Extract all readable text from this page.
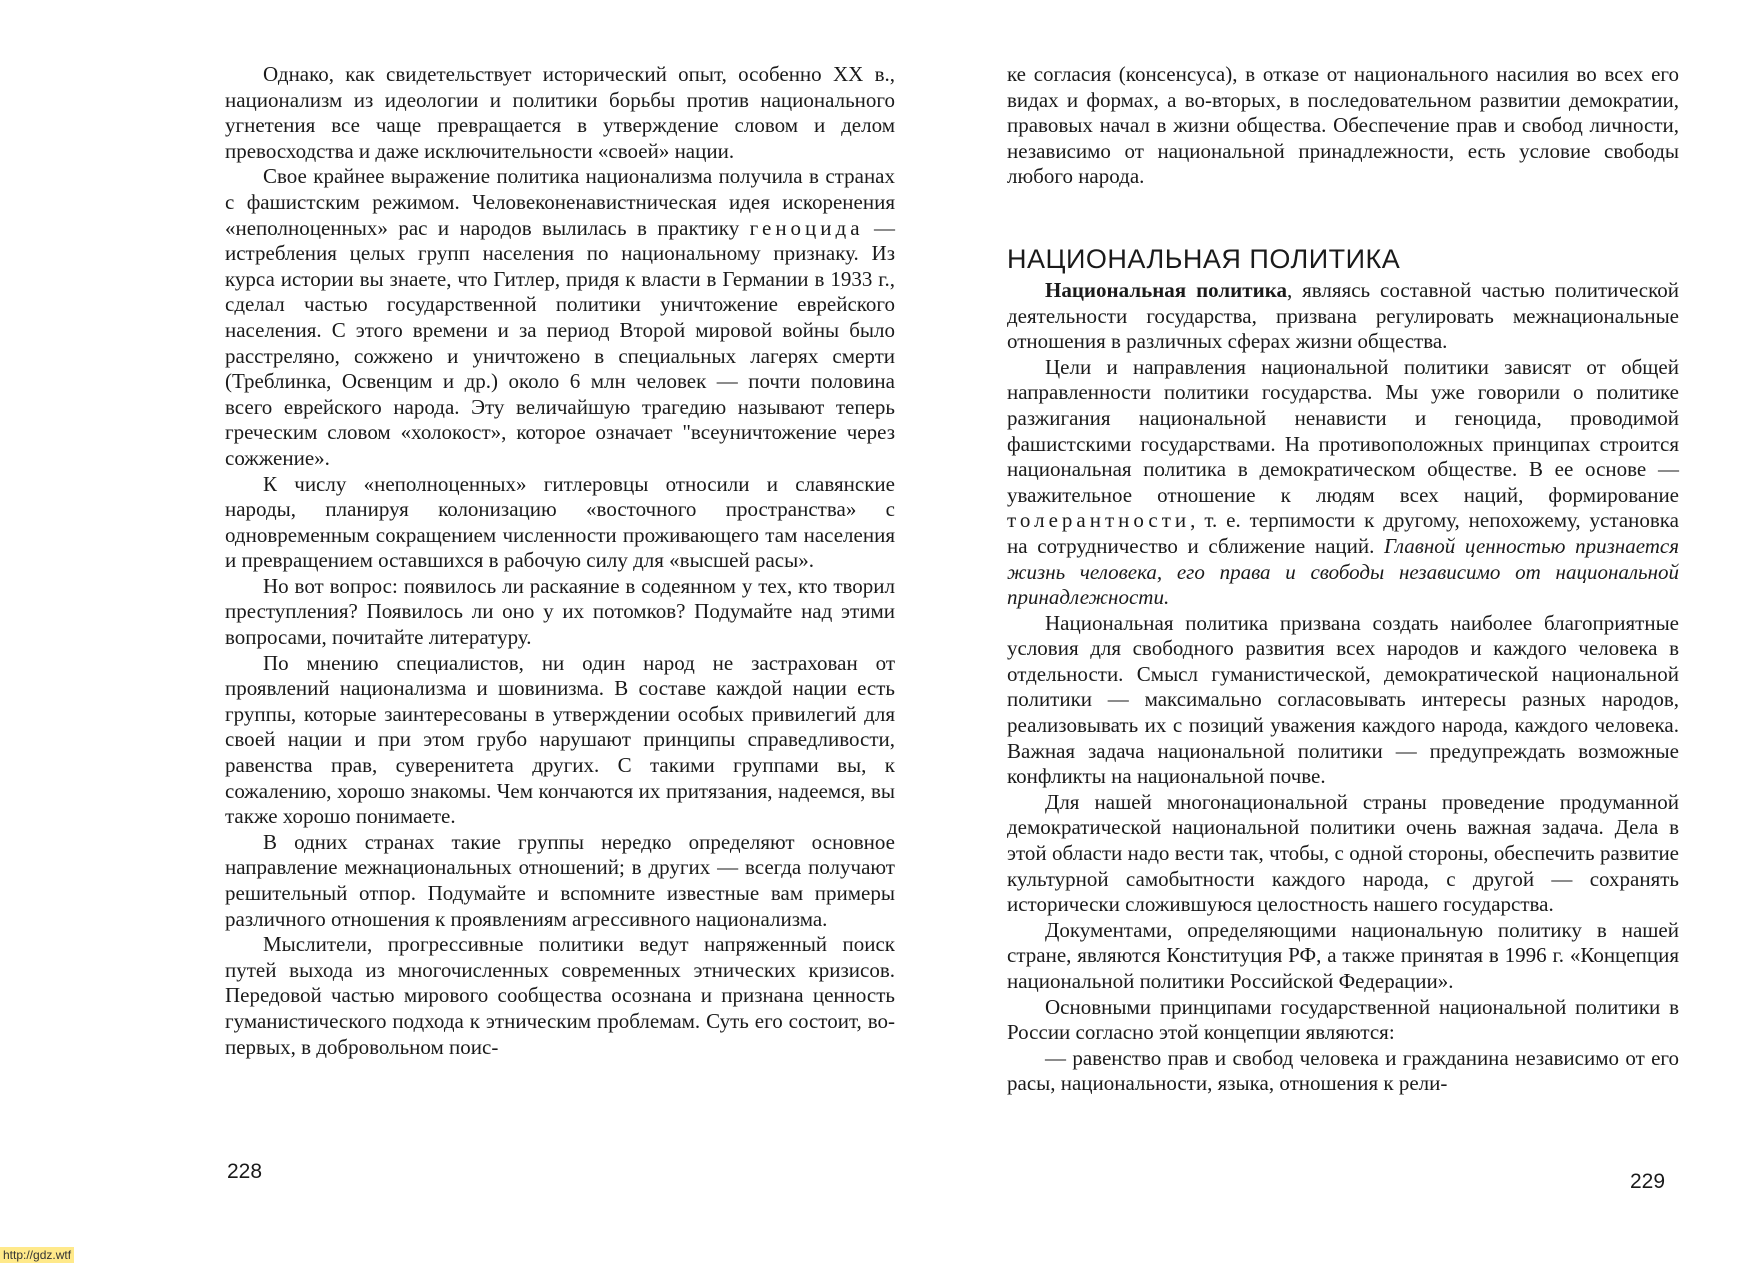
Однако, как свидетельствует исторический опыт, особенно XX в., национализм из идеологии и политики борьбы против национального угнетения все чаще превращается в утверждение словом и делом превосходства и даже исключительности «своей» нации.

Свое крайнее выражение политика национализма получила в странах с фашистским режимом. Человеконенавистническая идея искоренения «неполноценных» рас и народов вылилась в практику геноцида — истребления целых групп населения по национальному признаку. Из курса истории вы знаете, что Гитлер, придя к власти в Германии в 1933 г., сделал частью государственной политики уничтожение еврейского населения. С этого времени и за период Второй мировой войны было расстреляно, сожжено и уничтожено в специальных лагерях смерти (Треблинка, Освенцим и др.) около 6 млн человек — почти половина всего еврейского народа. Эту величайшую трагедию называют теперь греческим словом «холокост», которое означает "всеуничтожение через сожжение».

К числу «неполноценных» гитлеровцы относили и славянские народы, планируя колонизацию «восточного пространства» с одновременным сокращением численности проживающего там населения и превращением оставшихся в рабочую силу для «высшей расы».

Но вот вопрос: появилось ли раскаяние в содеянном у тех, кто творил преступления? Появилось ли оно у их потомков? Подумайте над этими вопросами, почитайте литературу.

По мнению специалистов, ни один народ не застрахован от проявлений национализма и шовинизма. В составе каждой нации есть группы, которые заинтересованы в утверждении особых привилегий для своей нации и при этом грубо нарушают принципы справедливости, равенства прав, суверенитета других. С такими группами вы, к сожалению, хорошо знакомы. Чем кончаются их притязания, надеемся, вы также хорошо понимаете.

В одних странах такие группы нередко определяют основное направление межнациональных отношений; в других — всегда получают решительный отпор. Подумайте и вспомните известные вам примеры различного отношения к проявлениям агрессивного национализма.

Мыслители, прогрессивные политики ведут напряженный поиск путей выхода из многочисленных современных этнических кризисов. Передовой частью мирового сообщества осознана и признана ценность гуманистического подхода к этническим проблемам. Суть его состоит, во-первых, в добровольном поис-

228

ке согласия (консенсуса), в отказе от национального насилия во всех его видах и формах, а во-вторых, в последовательном развитии демократии, правовых начал в жизни общества. Обеспечение прав и свобод личности, независимо от национальной принадлежности, есть условие свободы любого народа.

НАЦИОНАЛЬНАЯ ПОЛИТИКА

Национальная политика, являясь составной частью политической деятельности государства, призвана регулировать межнациональные отношения в различных сферах жизни общества.

Цели и направления национальной политики зависят от общей направленности политики государства. Мы уже говорили о политике разжигания национальной ненависти и геноцида, проводимой фашистскими государствами. На противоположных принципах строится национальная политика в демократическом обществе. В ее основе — уважительное отношение к людям всех наций, формирование толерантности, т. е. терпимости к другому, непохожему, установка на сотрудничество и сближение наций. Главной ценностью признается жизнь человека, его права и свободы независимо от национальной принадлежности.

Национальная политика призвана создать наиболее благоприятные условия для свободного развития всех народов и каждого человека в отдельности. Смысл гуманистической, демократической национальной политики — максимально согласовывать интересы разных народов, реализовывать их с позиций уважения каждого народа, каждого человека. Важная задача национальной политики — предупреждать возможные конфликты на национальной почве.

Для нашей многонациональной страны проведение продуманной демократической национальной политики очень важная задача. Дела в этой области надо вести так, чтобы, с одной стороны, обеспечить развитие культурной самобытности каждого народа, с другой — сохранять исторически сложившуюся целостность нашего государства.

Документами, определяющими национальную политику в нашей стране, являются Конституция РФ, а также принятая в 1996 г. «Концепция национальной политики Российской Федерации».

Основными принципами государственной национальной политики в России согласно этой концепции являются:

— равенство прав и свобод человека и гражданина независимо от его расы, национальности, языка, отношения к рели-

229
http://gdz.wtf
